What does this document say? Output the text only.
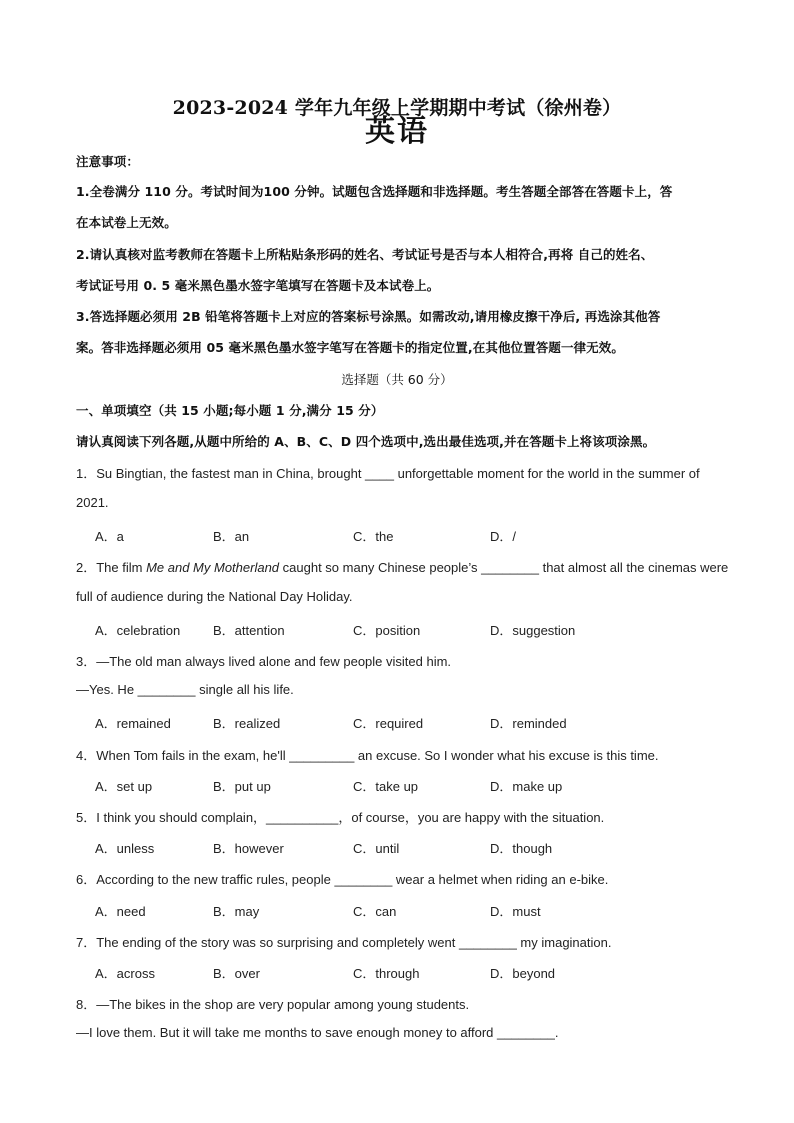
2023-2024 学年九年级上学期期中考试（徐州卷）
英语
注意事项：
1.全卷满分 110 分。考试时间为100 分钟。试题包含选择题和非选择题。考生答题全部答在答题卡上，答
在本试卷上无效。
2.请认真核对监考教师在答题卡上所粘贴条形码的姓名、考试证号是否与本人相符合,再将 自己的姓名、
考试证号用 0. 5 毫米黑色墨水签字笔填写在答题卡及本试卷上。
3.答选择题必须用 2B 铅笔将答题卡上对应的答案标号涂黑。如需改动,请用橡皮擦干净后, 再选涂其他答
案。答非选择题必须用 05 毫米黑色墨水签字笔写在答题卡的指定位置,在其他位置答题一律无效。
选择题（共 60 分）
一、单项填空（共 15 小题;每小题 1 分,满分 15 分）
请认真阅读下列各题,从题中所给的 A、B、C、D 四个选项中,选出最佳选项,并在答题卡上将该项涂黑。
1．Su Bingtian, the fastest man in China, brought ____ unforgettable moment for the world in the summer of
2021.
A．a	B．an	C．the	D．/
2．The film Me and My Motherland caught so many Chinese people’s ________ that almost all the cinemas were
full of audience during the National Day Holiday.
A．celebration	B．attention	C．position	D．suggestion
3．—The old man always lived alone and few people visited him.
—Yes. He ________ single all his life.
A．remained	B．realized	C．required	D．reminded
4．When Tom fails in the exam, he'll _________ an excuse. So I wonder what his excuse is this time.
A．set up	B．put up	C．take up	D．make up
5．I think you should complain，__________，of course，you are happy with the situation.
A．unless	B．however	C．until	D．though
6．According to the new traffic rules, people ________ wear a helmet when riding an e-bike.
A．need	B．may	C．can	D．must
7．The ending of the story was so surprising and completely went ________ my imagination.
A．across	B．over	C．through	D．beyond
8．—The bikes in the shop are very popular among young students.
—I love them. But it will take me months to save enough money to afford ________.
